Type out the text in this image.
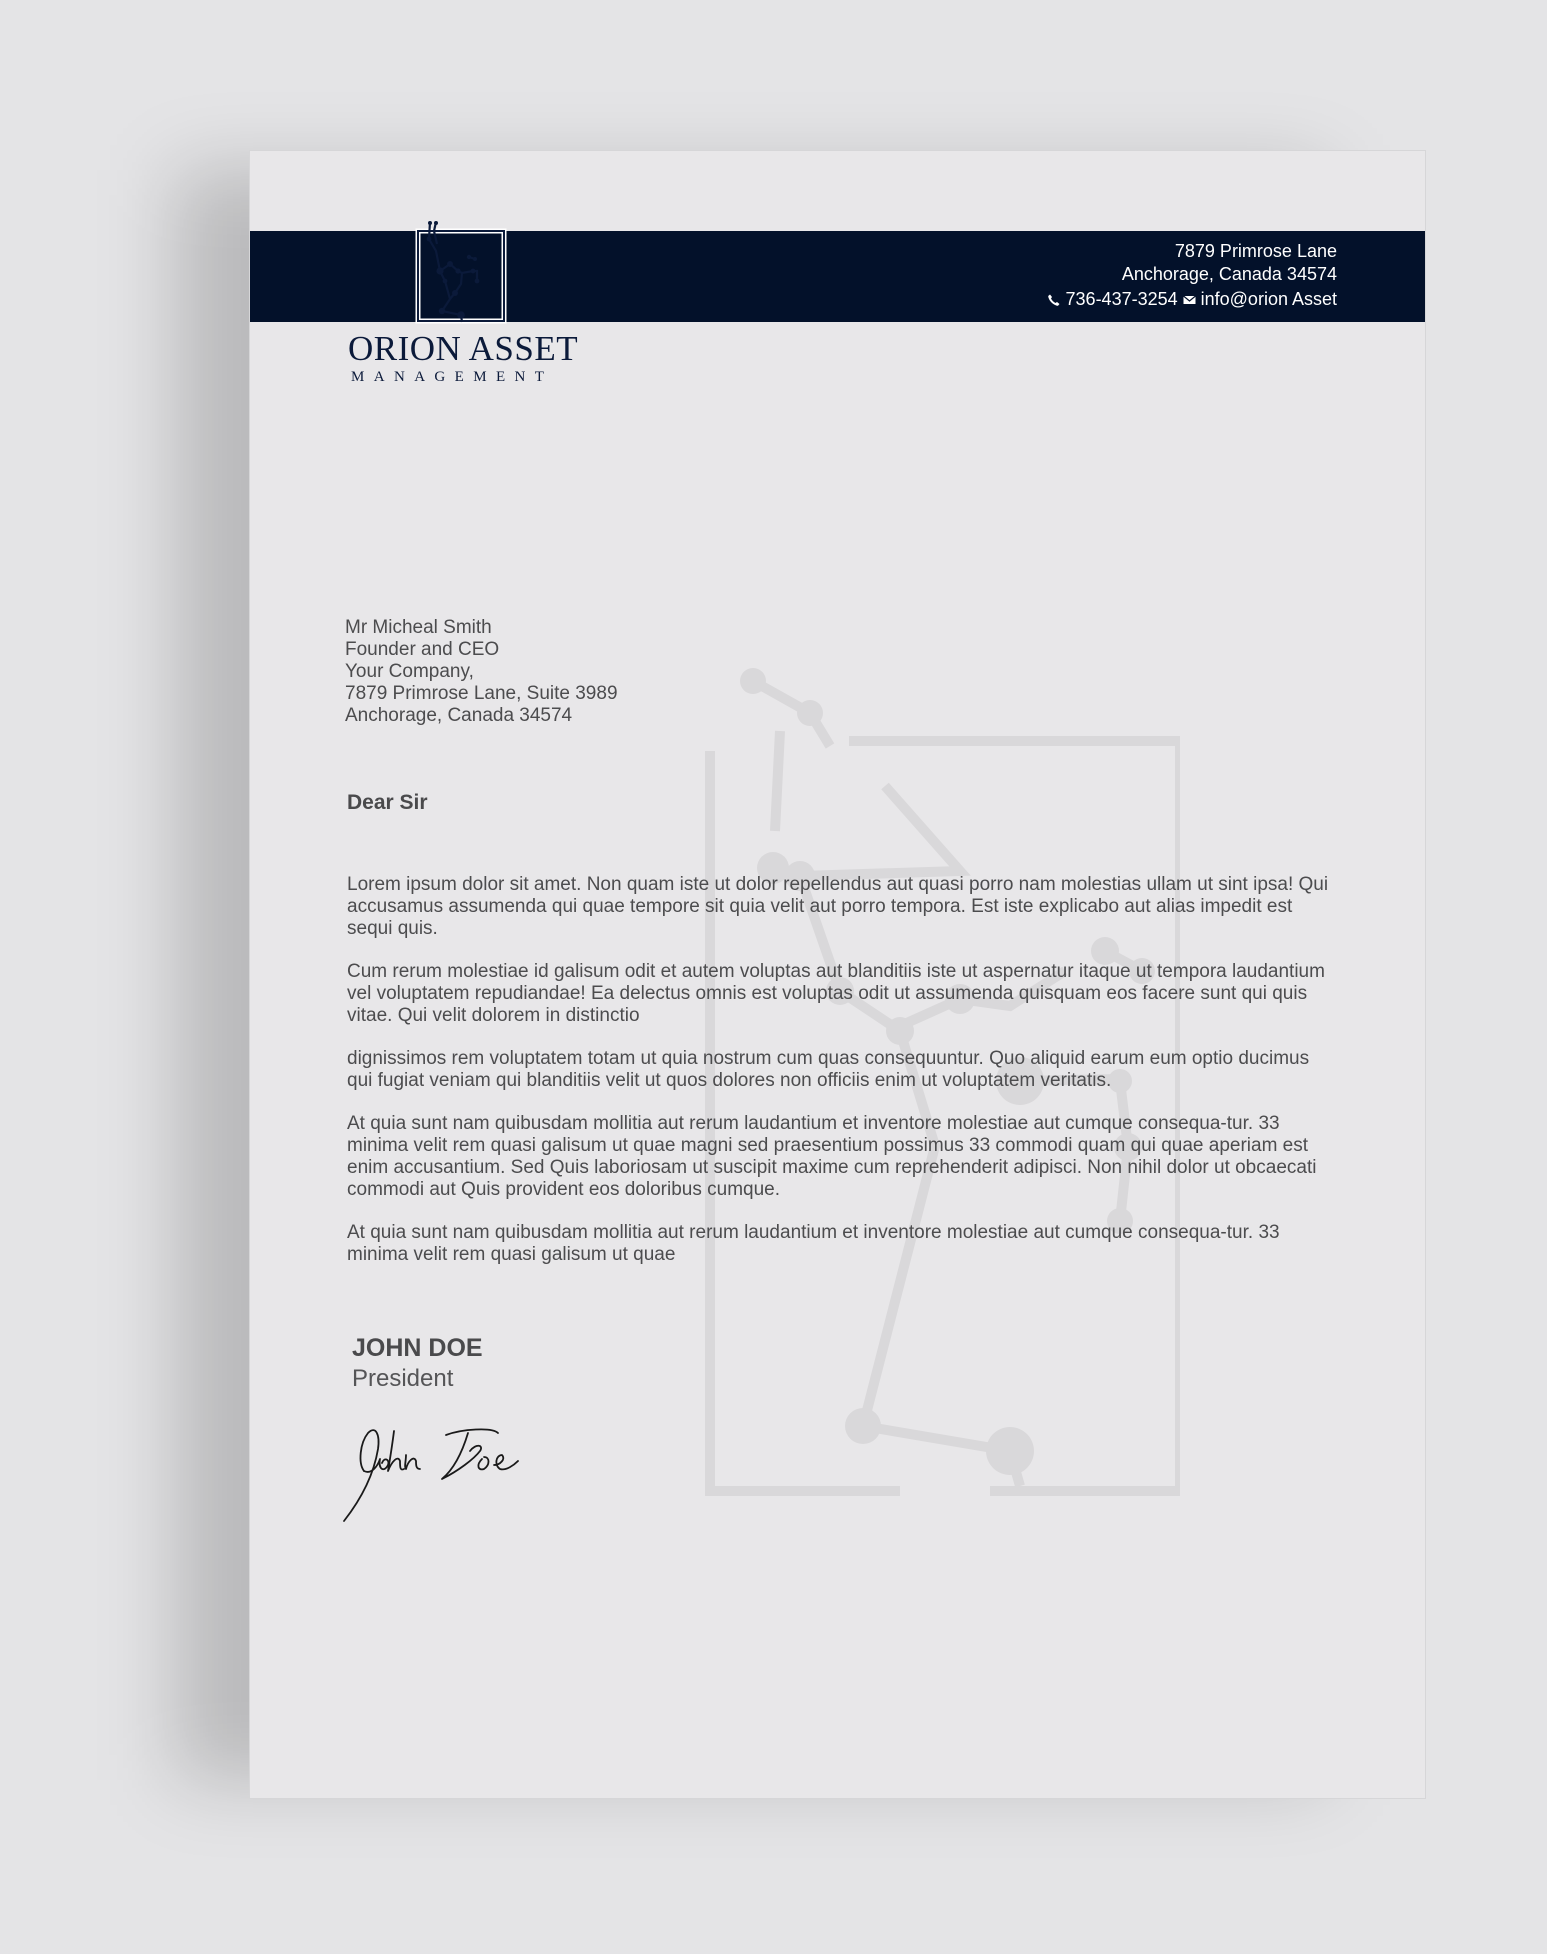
ORION ASSET
MANAGEMENT
7879 Primrose Lane
Anchorage, Canada 34574
736-437-3254 info@orion Asset
Mr Micheal Smith
Founder and CEO
Your Company,
7879 Primrose Lane, Suite 3989
Anchorage, Canada 34574
Dear Sir

Lorem ipsum dolor sit amet. Non quam iste ut dolor repellendus aut quasi porro nam molestias ullam ut sint ipsa! Qui accusamus assumenda qui quae tempore sit quia velit aut porro tempora. Est iste explicabo aut alias impedit est sequi quis.

Cum rerum molestiae id galisum odit et autem voluptas aut blanditiis iste ut aspernatur itaque ut tempora laudantium vel voluptatem repudiandae! Ea delectus omnis est voluptas odit ut assumenda quisquam eos facere sunt qui quis vitae. Qui velit dolorem in distinctio

dignissimos rem voluptatem totam ut quia nostrum cum quas consequuntur. Quo aliquid earum eum optio ducimus qui fugiat veniam qui blanditiis velit ut quos dolores non officiis enim ut voluptatem veritatis.

At quia sunt nam quibusdam mollitia aut rerum laudantium et inventore molestiae aut cumque consequa-tur. 33 minima velit rem quasi galisum ut quae magni sed praesentium possimus 33 commodi quam qui quae aperiam est enim accusantium. Sed Quis laboriosam ut suscipit maxime cum reprehenderit adipisci. Non nihil dolor ut obcaecati commodi aut Quis provident eos doloribus cumque.

At quia sunt nam quibusdam mollitia aut rerum laudantium et inventore molestiae aut cumque consequa-tur. 33 minima velit rem quasi galisum ut quae

JOHN DOE
President
